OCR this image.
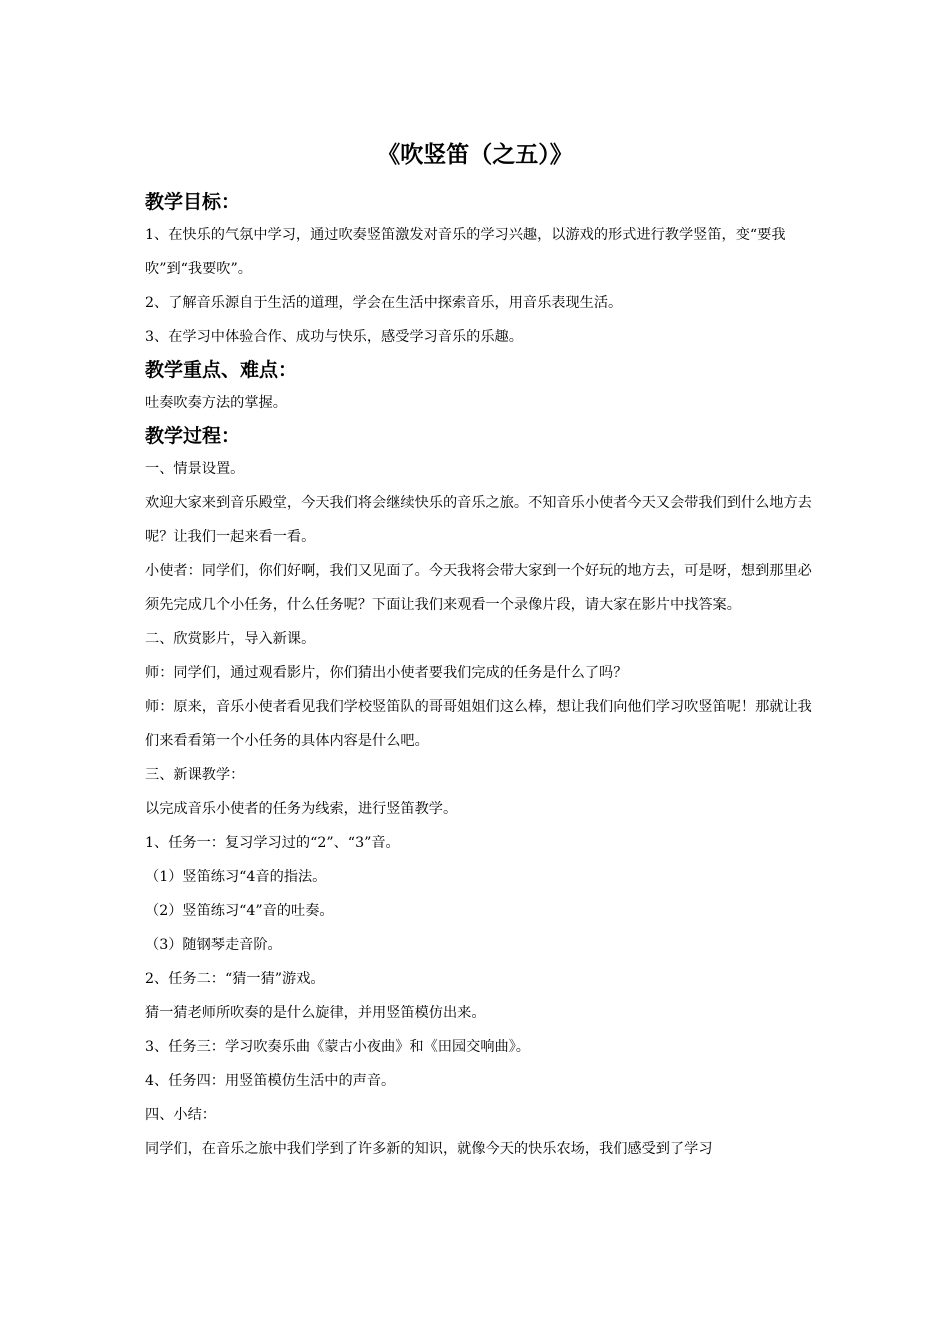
《吹竖笛（之五）》
教学目标：

1、在快乐的气氛中学习，通过吹奏竖笛激发对音乐的学习兴趣，以游戏的形式进行教学竖笛，变“要我吹”到“我要吹”。

2、了解音乐源自于生活的道理，学会在生活中探索音乐，用音乐表现生活。

3、在学习中体验合作、成功与快乐，感受学习音乐的乐趣。

教学重点、难点：

吐奏吹奏方法的掌握。

教学过程：

一、情景设置。

欢迎大家来到音乐殿堂，今天我们将会继续快乐的音乐之旅。不知音乐小使者今天又会带我们到什么地方去呢？让我们一起来看一看。

小使者：同学们，你们好啊，我们又见面了。今天我将会带大家到一个好玩的地方去，可是呀，想到那里必须先完成几个小任务，什么任务呢？下面让我们来观看一个录像片段，请大家在影片中找答案。

二、欣赏影片，导入新课。

师：同学们，通过观看影片，你们猜出小使者要我们完成的任务是什么了吗？

师：原来，音乐小使者看见我们学校竖笛队的哥哥姐姐们这么棒，想让我们向他们学习吹竖笛呢！那就让我们来看看第一个小任务的具体内容是什么吧。

三、新课教学：

以完成音乐小使者的任务为线索，进行竖笛教学。

1、任务一：复习学习过的“2”、“3”音。

（1）竖笛练习“4音的指法。

（2）竖笛练习“4”音的吐奏。

（3）随钢琴走音阶。

2、任务二：“猜一猜”游戏。

猜一猜老师所吹奏的是什么旋律，并用竖笛模仿出来。

3、任务三：学习吹奏乐曲《蒙古小夜曲》和《田园交响曲》。

4、任务四：用竖笛模仿生活中的声音。

四、小结：

同学们，在音乐之旅中我们学到了许多新的知识，就像今天的快乐农场，我们感受到了学习
